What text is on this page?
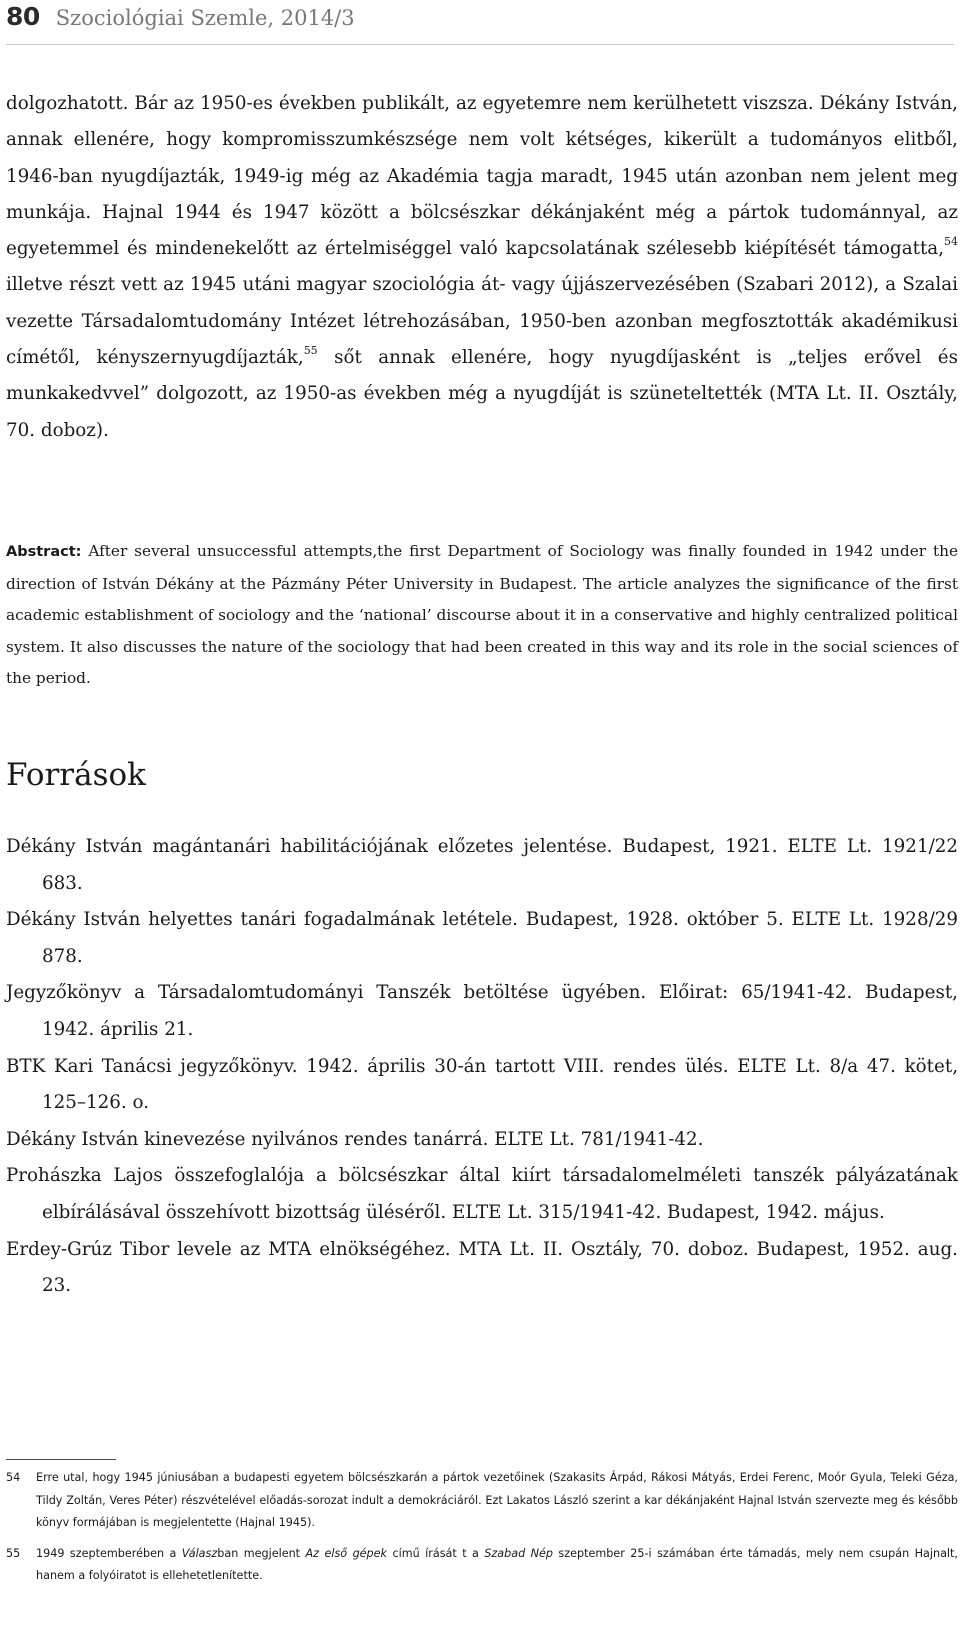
80 Szociológiai Szemle, 2014/3

dolgozhatott. Bár az 1950-es években publikált, az egyetemre nem kerülhetett viszsza. Dékány István, annak ellenére, hogy kompromisszumkészsége nem volt kétséges, kikerült a tudományos elitből, 1946-ban nyugdíjazták, 1949-ig még az Akadémia tagja maradt, 1945 után azonban nem jelent meg munkája. Hajnal 1944 és 1947 között a bölcsészkar dékánjaként még a pártok tudománnyal, az egyetemmel és mindenekelőtt az értelmiséggel való kapcsolatának szélesebb kiépítését támogatta,$^{54}$ illetve részt vett az 1945 utáni magyar szociológia át- vagy újjászervezésében (Szabari 2012), a Szalai vezette Társadalomtudomány Intézet létrehozásában, 1950-ben azonban megfosztották akadémikusi címétől, kényszernyugdíjazták,$^{55}$ sőt annak ellenére, hogy nyugdíjasként is „teljes erővel és munkakedvvel” dolgozott, az 1950-as években még a nyugdíját is szüneteltették (MTA Lt. II. Osztály, 70. doboz).

Abstract: After several unsuccessful attempts,the first Department of Sociology was finally founded in 1942 under the direction of István Dékány at the Pázmány Péter University in Budapest. The article analyzes the significance of the first academic establishment of sociology and the ‘national’ discourse about it in a conservative and highly centralized political system. It also discusses the nature of the sociology that had been created in this way and its role in the social sciences of the period.

Források
Dékány István magántanári habilitációjának előzetes jelentése. Budapest, 1921. ELTE Lt. 1921/22 683.
Dékány István helyettes tanári fogadalmának letétele. Budapest, 1928. október 5. ELTE Lt. 1928/29 878.
Jegyzőkönyv a Társadalomtudományi Tanszék betöltése ügyében. Előirat: 65/1941-42. Budapest, 1942. április 21.
BTK Kari Tanácsi jegyzőkönyv. 1942. április 30-án tartott VIII. rendes ülés. ELTE Lt. 8/a 47. kötet, 125–126. o.
Dékány István kinevezése nyilvános rendes tanárrá. ELTE Lt. 781/1941-42.
Prohászka Lajos összefoglalója a bölcsészkar által kiírt társadalomelméleti tanszék pályázatának elbírálásával összehívott bizottság üléséről. ELTE Lt. 315/1941-42. Budapest, 1942. május.
Erdey-Grúz Tibor levele az MTA elnökségéhez. MTA Lt. II. Osztály, 70. doboz. Budapest, 1952. aug. 23.
54	Erre utal, hogy 1945 júniusában a budapesti egyetem bölcsészkarán a pártok vezetőinek (Szakasits Árpád, Rákosi Mátyás, Erdei Ferenc, Moór Gyula, Teleki Géza, Tildy Zoltán, Veres Péter) részvételével előadás-sorozat indult a demokráciáról. Ezt Lakatos László szerint a kar dékánjaként Hajnal István szervezte meg és később könyv formájában is megjelentette (Hajnal 1945).
55	1949 szeptemberében a Válaszban megjelent Az első gépek című írását t a Szabad Nép szeptember 25-i számában érte támadás, mely nem csupán Hajnalt, hanem a folyóiratot is ellehetetlenítette.
